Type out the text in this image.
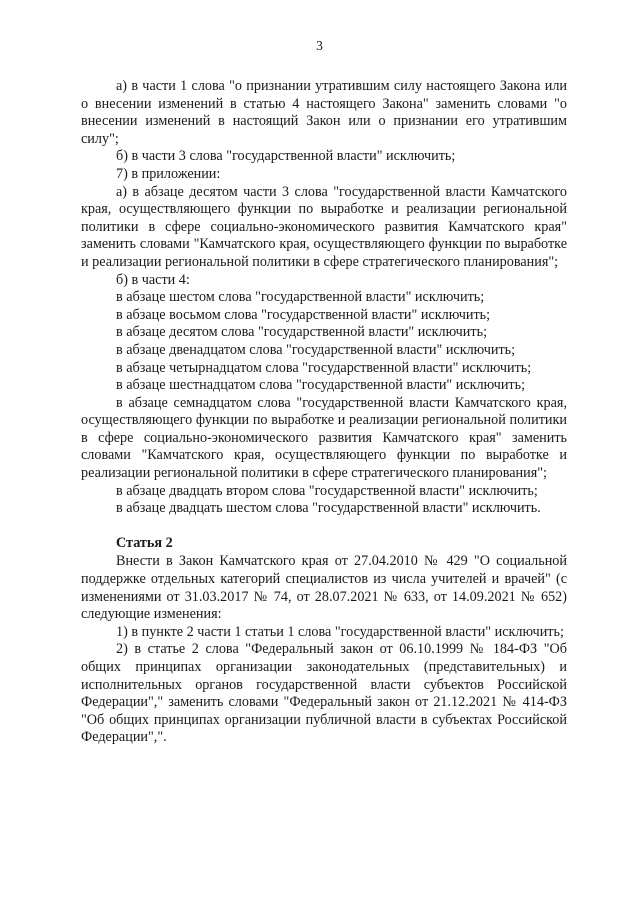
3

а) в части 1 слова "о признании утратившим силу настоящего Закона или о внесении изменений в статью 4 настоящего Закона" заменить словами "о внесении изменений в настоящий Закон или о признании его утратившим силу";

б) в части 3 слова "государственной власти" исключить;

7) в приложении:

а) в абзаце десятом части 3 слова "государственной власти Камчатского края, осуществляющего функции по выработке и реализации региональной политики в сфере социально-экономического развития Камчатского края" заменить словами "Камчатского края, осуществляющего функции по выработке и реализации региональной политики в сфере стратегического планирования";

б) в части 4:

в абзаце шестом слова "государственной власти" исключить;

в абзаце восьмом слова "государственной власти" исключить;

в абзаце десятом слова "государственной власти" исключить;

в абзаце двенадцатом слова "государственной власти" исключить;

в абзаце четырнадцатом слова "государственной власти" исключить;

в абзаце шестнадцатом слова "государственной власти" исключить;

в абзаце семнадцатом слова "государственной власти Камчатского края, осуществляющего функции по выработке и реализации региональной политики в сфере социально-экономического развития Камчатского края" заменить словами "Камчатского края, осуществляющего функции по выработке и реализации региональной политики в сфере стратегического планирования";

в абзаце двадцать втором слова "государственной власти" исключить;

в абзаце двадцать шестом слова "государственной власти" исключить.

Статья 2

Внести в Закон Камчатского края от 27.04.2010 № 429 "О социальной поддержке отдельных категорий специалистов из числа учителей и врачей" (с изменениями от 31.03.2017 № 74, от 28.07.2021 № 633, от 14.09.2021 № 652) следующие изменения:

1) в пункте 2 части 1 статьи 1 слова "государственной власти" исключить;

2) в статье 2 слова "Федеральный закон от 06.10.1999 № 184-ФЗ "Об общих принципах организации законодательных (представительных) и исполнительных органов государственной власти субъектов Российской Федерации"," заменить словами "Федеральный закон от 21.12.2021 № 414-ФЗ "Об общих принципах организации публичной власти в субъектах Российской Федерации",".
